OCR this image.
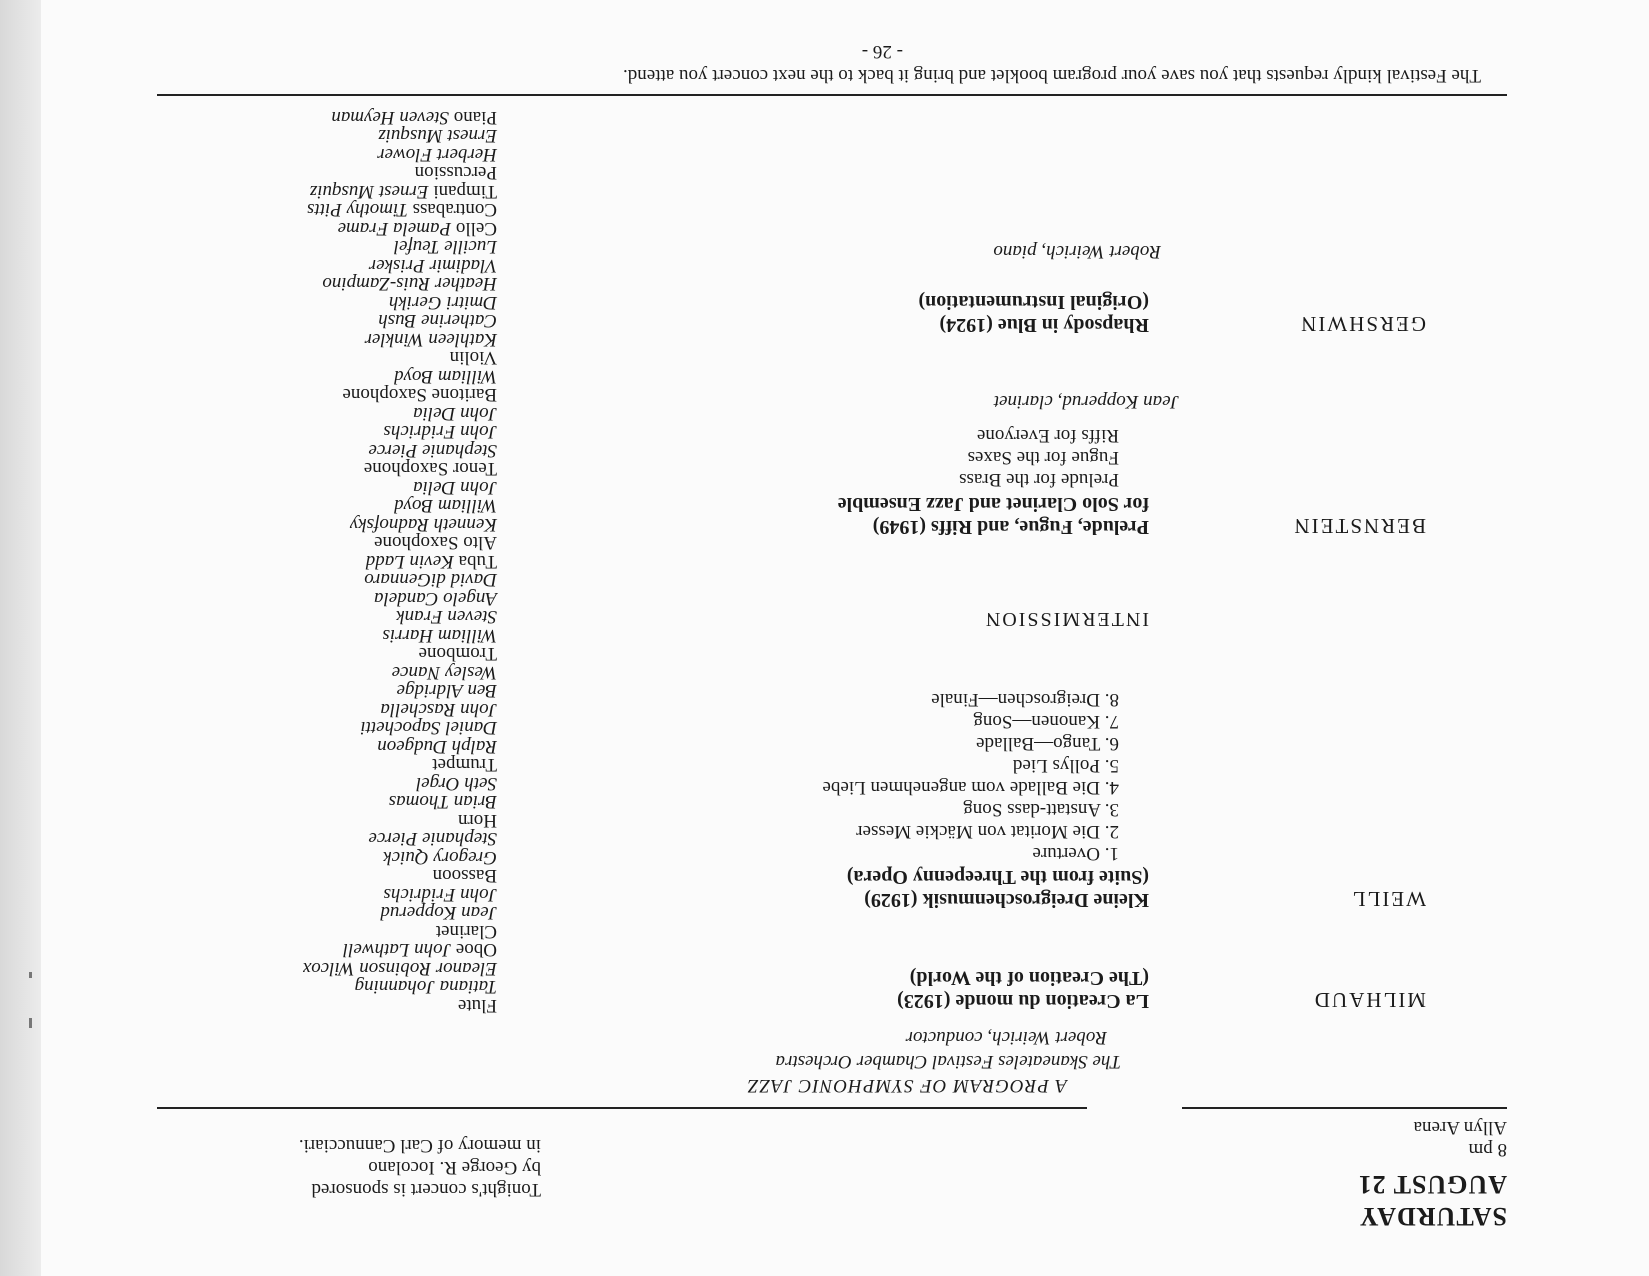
SATURDAY
AUGUST 21
8 pm
Allyn Arena
Tonight's concert is sponsored
by George R. Iocolano
in memory of Carl Cannucciari.
A PROGRAM OF SYMPHONIC JAZZ
The Skaneateles Festival Chamber Orchestra
Robert Weirich, conductor
MILHAUD
La Creation du monde (1923)
(The Creation of the World)
WEILL
Kleine Dreigroschenmusik (1929)
(Suite from the Threepenny Opera)
1. Overture
2. Die Moritat von Mäckie Messer
3. Anstatt-dass Song
4. Die Ballade vom angenehmen Liebe
5. Pollys Lied
6. Tango—Ballade
7. Kanonen—Song
8. Dreigroschen—Finale
INTERMISSION
BERNSTEIN
Prelude, Fugue, and Riffs (1949)
for Solo Clarinet and Jazz Ensemble
Prelude for the Brass
Fugue for the Saxes
Riffs for Everyone
Jean Kopperud, clarinet
GERSHWIN
Rhapsody in Blue (1924)
(Original Instrumentation)
Robert Weirich, piano
Flute
Tatiana Johanning
Eleanor Robinson Wilcox
Oboe John Lathwell
Clarinet
Jean Kopperud
John Fridrichs
Bassoon
Gregory Quick
Stephanie Pierce
Horn
Brian Thomas
Seth Orgel
Trumpet
Ralph Dudgeon
Daniel Sapochetti
John Raschella
Ben Aldridge
Wesley Nance
Trombone
William Harris
Steven Frank
Angelo Candela
David diGennaro
Tuba Kevin Ladd
Alto Saxophone
Kenneth Radnofsky
William Boyd
John Delia
Tenor Saxophone
Stephanie Pierce
John Fridrichs
John Delia
Baritone Saxophone
William Boyd
Violin
Kathleen Winkler
Catherine Bush
Dmitri Gerikh
Heather Ruis-Zampino
Vladimir Prisker
Lucille Teufel
Cello Pamela Frame
Contrabass Timothy Pitts
Timpani Ernest Musquiz
Percussion
Herbert Flower
Ernest Musquiz
Piano Steven Heyman
The Festival kindly requests that you save your program booklet and bring it back to the next concert you attend.
- 26 -
